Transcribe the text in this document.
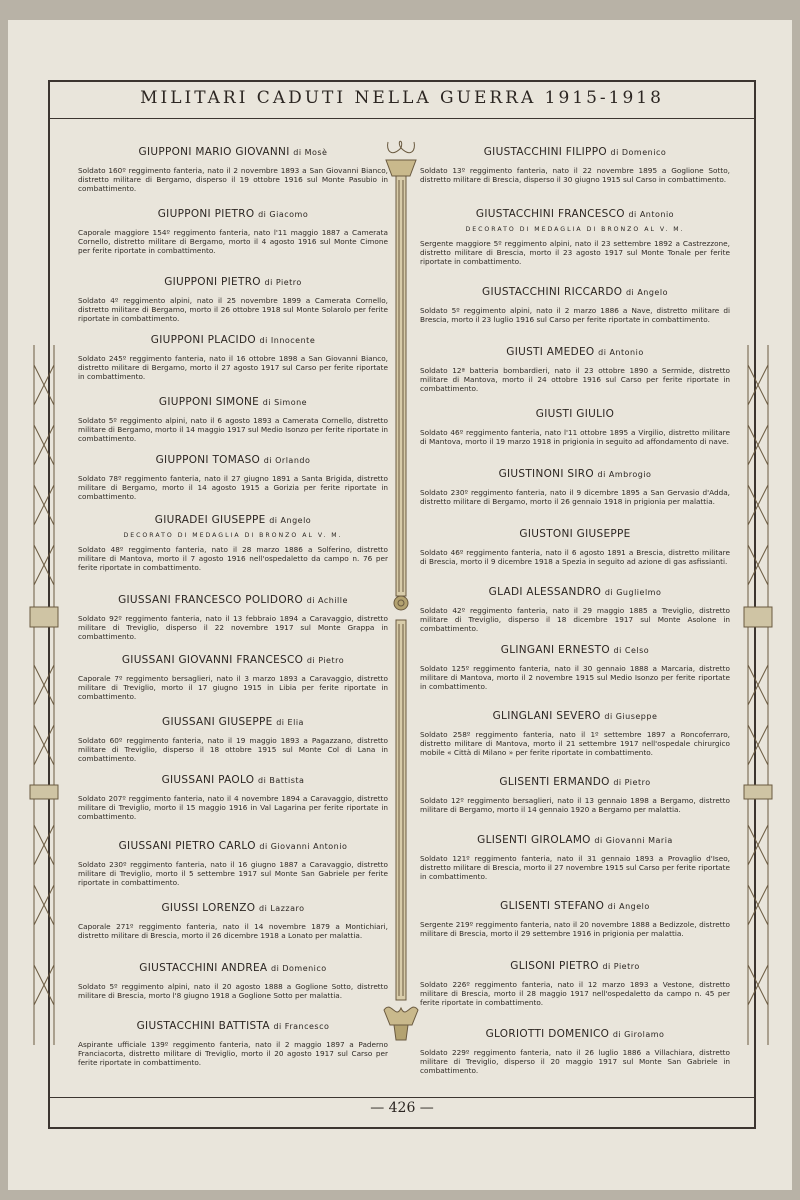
MILITARI CADUTI NELLA GUERRA 1915-1918
GIUPPONI MARIO GIOVANNI di Mosè
Soldato 160º reggimento fanteria, nato il 2 novembre 1893 a San Giovanni Bianco, distretto militare di Bergamo, disperso il 19 ottobre 1916 sul Monte Pasubio in combattimento.
GIUPPONI PIETRO di Giacomo
Caporale maggiore 154º reggimento fanteria, nato l'11 maggio 1887 a Camerata Cornello, distretto militare di Bergamo, morto il 4 agosto 1916 sul Monte Cimone per ferite riportate in combattimento.
GIUPPONI PIETRO di Pietro
Soldato 4º reggimento alpini, nato il 25 novembre 1899 a Camerata Cornello, distretto militare di Bergamo, morto il 26 ottobre 1918 sul Monte Solarolo per ferite riportate in combattimento.
GIUPPONI PLACIDO di Innocente
Soldato 245º reggimento fanteria, nato il 16 ottobre 1898 a San Giovanni Bianco, distretto militare di Bergamo, morto il 27 agosto 1917 sul Carso per ferite riportate in combattimento.
GIUPPONI SIMONE di Simone
Soldato 5º reggimento alpini, nato il 6 agosto 1893 a Camerata Cornello, distretto militare di Bergamo, morto il 14 maggio 1917 sul Medio Isonzo per ferite riportate in combattimento.
GIUPPONI TOMASO di Orlando
Soldato 78º reggimento fanteria, nato il 27 giugno 1891 a Santa Brigida, distretto militare di Bergamo, morto il 14 agosto 1915 a Gorizia per ferite riportate in combattimento.
GIURADEI GIUSEPPE di Angelo
DECORATO DI MEDAGLIA DI BRONZO AL V. M.
Soldato 48º reggimento fanteria, nato il 28 marzo 1886 a Solferino, distretto militare di Mantova, morto il 7 agosto 1916 nell'ospedaletto da campo n. 76 per ferite riportate in combattimento.
GIUSSANI FRANCESCO POLIDORO di Achille
Soldato 92º reggimento fanteria, nato il 13 febbraio 1894 a Caravaggio, distretto militare di Treviglio, disperso il 22 novembre 1917 sul Monte Grappa in combattimento.
GIUSSANI GIOVANNI FRANCESCO di Pietro
Caporale 7º reggimento bersaglieri, nato il 3 marzo 1893 a Caravaggio, distretto militare di Treviglio, morto il 17 giugno 1915 in Libia per ferite riportate in combattimento.
GIUSSANI GIUSEPPE di Elia
Soldato 60º reggimento fanteria, nato il 19 maggio 1893 a Pagazzano, distretto militare di Treviglio, disperso il 18 ottobre 1915 sul Monte Col di Lana in combattimento.
GIUSSANI PAOLO di Battista
Soldato 207º reggimento fanteria, nato il 4 novembre 1894 a Caravaggio, distretto militare di Treviglio, morto il 15 maggio 1916 in Val Lagarina per ferite riportate in combattimento.
GIUSSANI PIETRO CARLO di Giovanni Antonio
Soldato 230º reggimento fanteria, nato il 16 giugno 1887 a Caravaggio, distretto militare di Treviglio, morto il 5 settembre 1917 sul Monte San Gabriele per ferite riportate in combattimento.
GIUSSI LORENZO di Lazzaro
Caporale 271º reggimento fanteria, nato il 14 novembre 1879 a Montichiari, distretto militare di Brescia, morto il 26 dicembre 1918 a Lonato per malattia.
GIUSTACCHINI ANDREA di Domenico
Soldato 5º reggimento alpini, nato il 20 agosto 1888 a Goglione Sotto, distretto militare di Brescia, morto l'8 giugno 1918 a Goglione Sotto per malattia.
GIUSTACCHINI BATTISTA di Francesco
Aspirante ufficiale 139º reggimento fanteria, nato il 2 maggio 1897 a Paderno Franciacorta, distretto militare di Treviglio, morto il 20 agosto 1917 sul Carso per ferite riportate in combattimento.
GIUSTACCHINI FILIPPO di Domenico
Soldato 13º reggimento fanteria, nato il 22 novembre 1895 a Goglione Sotto, distretto militare di Brescia, disperso il 30 giugno 1915 sul Carso in combattimento.
GIUSTACCHINI FRANCESCO di Antonio
DECORATO DI MEDAGLIA DI BRONZO AL V. M.
Sergente maggiore 5º reggimento alpini, nato il 23 settembre 1892 a Castrezzone, distretto militare di Brescia, morto il 23 agosto 1917 sul Monte Tonale per ferite riportate in combattimento.
GIUSTACCHINI RICCARDO di Angelo
Soldato 5º reggimento alpini, nato il 2 marzo 1886 a Nave, distretto militare di Brescia, morto il 23 luglio 1916 sul Carso per ferite riportate in combattimento.
GIUSTI AMEDEO di Antonio
Soldato 12ª batteria bombardieri, nato il 23 ottobre 1890 a Sermide, distretto militare di Mantova, morto il 24 ottobre 1916 sul Carso per ferite riportate in combattimento.
GIUSTI GIULIO
Soldato 46º reggimento fanteria, nato l'11 ottobre 1895 a Virgilio, distretto militare di Mantova, morto il 19 marzo 1918 in prigionia in seguito ad affondamento di nave.
GIUSTINONI SIRO di Ambrogio
Soldato 230º reggimento fanteria, nato il 9 dicembre 1895 a San Gervasio d'Adda, distretto militare di Bergamo, morto il 26 gennaio 1918 in prigionia per malattia.
GIUSTONI GIUSEPPE
Soldato 46º reggimento fanteria, nato il 6 agosto 1891 a Brescia, distretto militare di Brescia, morto il 9 dicembre 1918 a Spezia in seguito ad azione di gas asfissianti.
GLADI ALESSANDRO di Guglielmo
Soldato 42º reggimento fanteria, nato il 29 maggio 1885 a Treviglio, distretto militare di Treviglio, disperso il 18 dicembre 1917 sul Monte Asolone in combattimento.
GLINGANI ERNESTO di Celso
Soldato 125º reggimento fanteria, nato il 30 gennaio 1888 a Marcaria, distretto militare di Mantova, morto il 2 novembre 1915 sul Medio Isonzo per ferite riportate in combattimento.
GLINGLANI SEVERO di Giuseppe
Soldato 258º reggimento fanteria, nato il 1º settembre 1897 a Roncoferraro, distretto militare di Mantova, morto il 21 settembre 1917 nell'ospedale chirurgico mobile « Città di Milano » per ferite riportate in combattimento.
GLISENTI ERMANDO di Pietro
Soldato 12º reggimento bersaglieri, nato il 13 gennaio 1898 a Bergamo, distretto militare di Bergamo, morto il 14 gennaio 1920 a Bergamo per malattia.
GLISENTI GIROLAMO di Giovanni Maria
Soldato 121º reggimento fanteria, nato il 31 gennaio 1893 a Provaglio d'Iseo, distretto militare di Brescia, morto il 27 novembre 1915 sul Carso per ferite riportate in combattimento.
GLISENTI STEFANO di Angelo
Sergente 219º reggimento fanteria, nato il 20 novembre 1888 a Bedizzole, distretto militare di Brescia, morto il 29 settembre 1916 in prigionia per malattia.
GLISONI PIETRO di Pietro
Soldato 226º reggimento fanteria, nato il 12 marzo 1893 a Vestone, distretto militare di Brescia, morto il 28 maggio 1917 nell'ospedaletto da campo n. 45 per ferite riportate in combattimento.
GLORIOTTI DOMENICO di Girolamo
Soldato 229º reggimento fanteria, nato il 26 luglio 1886 a Villachiara, distretto militare di Treviglio, disperso il 20 maggio 1917 sul Monte San Gabriele in combattimento.
— 426 —
